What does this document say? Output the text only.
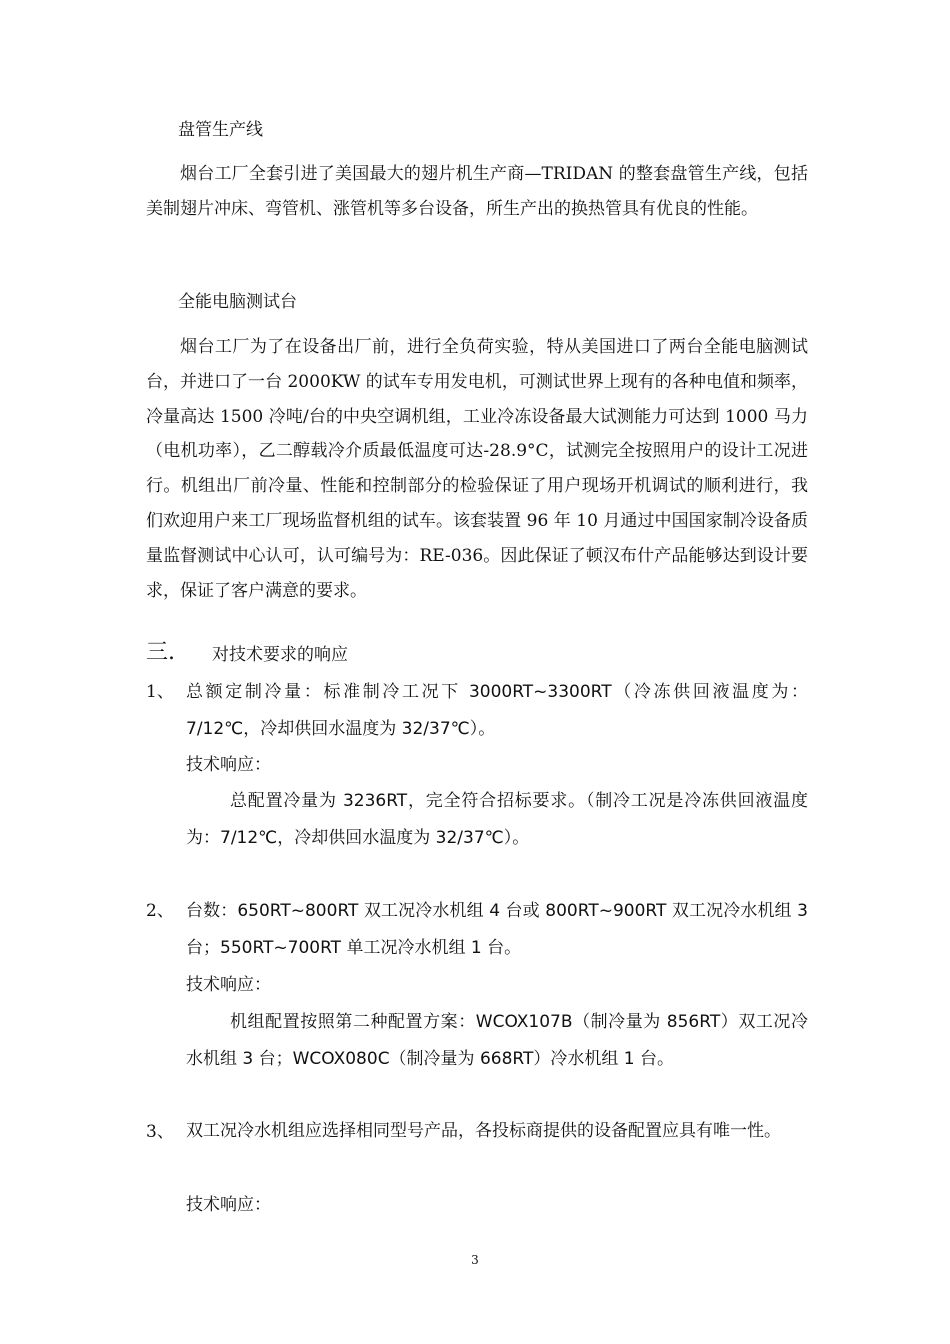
盘管生产线

烟台工厂全套引进了美国最大的翅片机生产商—TRIDAN 的整套盘管生产线，包括美制翅片冲床、弯管机、涨管机等多台设备，所生产出的换热管具有优良的性能。

全能电脑测试台

烟台工厂为了在设备出厂前，进行全负荷实验，特从美国进口了两台全能电脑测试台，并进口了一台 2000KW 的试车专用发电机，可测试世界上现有的各种电值和频率，冷量高达 1500 冷吨/台的中央空调机组，工业冷冻设备最大试测能力可达到 1000 马力（电机功率），乙二醇载冷介质最低温度可达-28.9°C，试测完全按照用户的设计工况进行。机组出厂前冷量、性能和控制部分的检验保证了用户现场开机调试的顺利进行，我们欢迎用户来工厂现场监督机组的试车。该套装置 96 年 10 月通过中国国家制冷设备质量监督测试中心认可，认可编号为：RE-036。因此保证了顿汉布什产品能够达到设计要求，保证了客户满意的要求。

三. 对技术要求的响应
1、 总额定制冷量：标准制冷工况下 3000RT~3300RT（冷冻供回液温度为：7/12℃，冷却供回水温度为 32/37℃）。

技术响应：

总配置冷量为 3236RT，完全符合招标要求。（制冷工况是冷冻供回液温度为：7/12℃，冷却供回水温度为 32/37℃）。

2、 台数：650RT~800RT 双工况冷水机组 4 台或 800RT~900RT 双工况冷水机组 3 台；550RT~700RT 单工况冷水机组 1 台。

技术响应：

机组配置按照第二种配置方案：WCOX107B（制冷量为 856RT）双工况冷水机组 3 台；WCOX080C（制冷量为 668RT）冷水机组 1 台。

3、 双工况冷水机组应选择相同型号产品，各投标商提供的设备配置应具有唯一性。

技术响应：
3
